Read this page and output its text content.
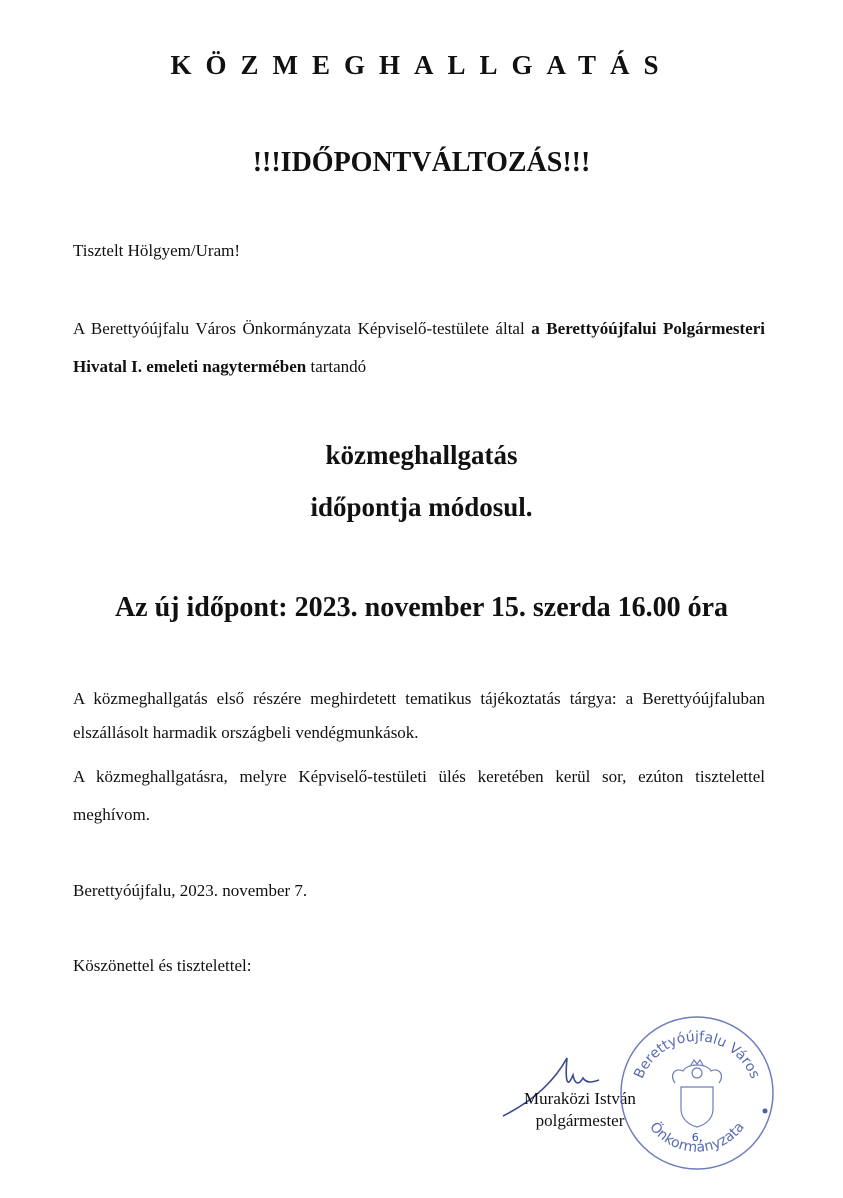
KÖZMEGHALLGATÁS
!!!IDŐPONTVÁLTOZÁS!!!
Tisztelt Hölgyem/Uram!
A Berettyóújfalu Város Önkormányzata Képviselő-testülete által a Berettyóújfalui Polgármesteri Hivatal I. emeleti nagytermében tartandó
közmeghallgatás
időpontja módosul.
Az új időpont: 2023. november 15. szerda 16.00 óra
A közmeghallgatás első részére meghirdetett tematikus tájékoztatás tárgya: a Berettyóújfaluban elszállásolt harmadik országbeli vendégmunkások.
A közmeghallgatásra, melyre Képviselő-testületi ülés keretében kerül sor, ezúton tisztelettel meghívom.
Berettyóújfalu, 2023. november 7.
Köszönettel és tisztelettel:
Muraközi István
polgármester
Berettyóújfalu Város
Önkormányzata
6.
